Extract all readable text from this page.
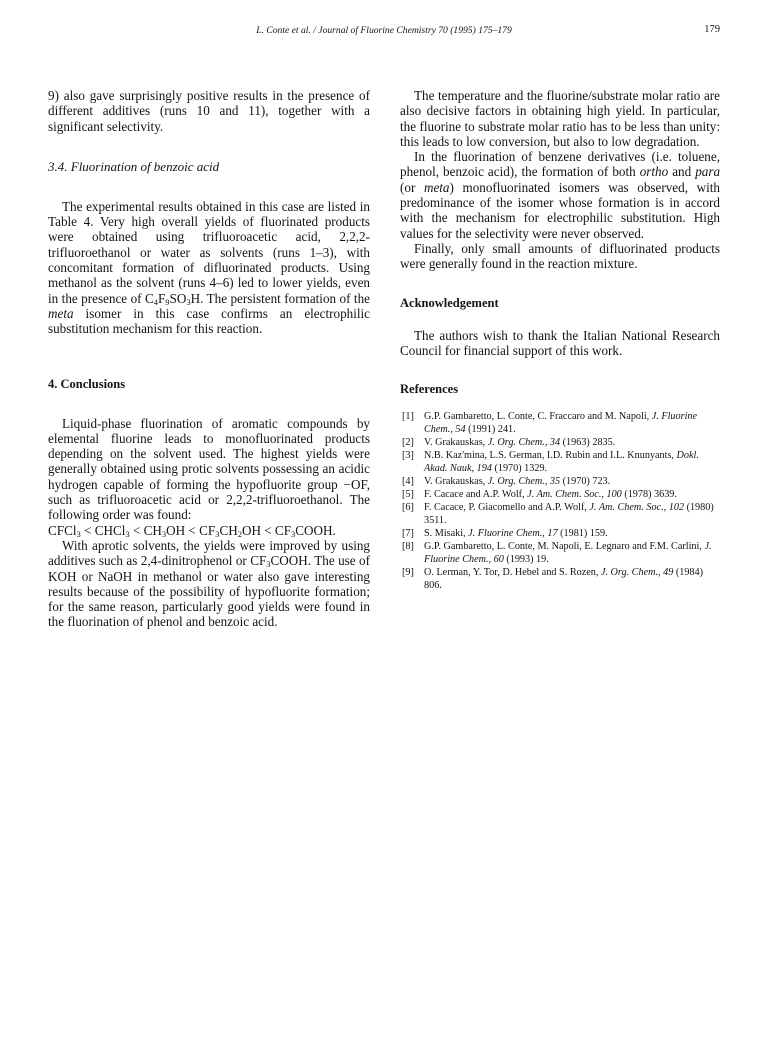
L. Conte et al. / Journal of Fluorine Chemistry 70 (1995) 175–179	179

9) also gave surprisingly positive results in the presence of different additives (runs 10 and 11), together with a significant selectivity.

3.4. Fluorination of benzoic acid

The experimental results obtained in this case are listed in Table 4. Very high overall yields of fluorinated products were obtained using trifluoroacetic acid, 2,2,2-trifluoroethanol or water as solvents (runs 1–3), with concomitant formation of difluorinated products. Using methanol as the solvent (runs 4–6) led to lower yields, even in the presence of $C_4F_9SO_3H$. The persistent formation of the meta isomer in this case confirms an electrophilic substitution mechanism for this reaction.

4. Conclusions

Liquid-phase fluorination of aromatic compounds by elemental fluorine leads to monofluorinated products depending on the solvent used. The highest yields were generally obtained using protic solvents possessing an acidic hydrogen capable of forming the hypofluorite group −OF, such as trifluoroacetic acid or 2,2,2-trifluoroethanol. The following order was found:
CFCl$_3$ < CHCl$_3$ < $CH_3OH < CF_3CH_2OH$ < $CF_3COOH$.

With aprotic solvents, the yields were improved by using additives such as 2,4-dinitrophenol or $CF_3COOH$. The use of KOH or NaOH in methanol or water also gave interesting results because of the possibility of hypofluorite formation; for the same reason, particularly good yields were found in the fluorination of phenol and benzoic acid.

The temperature and the fluorine/substrate molar ratio are also decisive factors in obtaining high yield. In particular, the fluorine to substrate molar ratio has to be less than unity: this leads to low conversion, but also to low degradation.

In the fluorination of benzene derivatives (i.e. toluene, phenol, benzoic acid), the formation of both ortho and para (or meta) monofluorinated isomers was observed, with predominance of the isomer whose formation is in accord with the mechanism for electrophilic substitution. High values for the selectivity were never observed.

Finally, only small amounts of difluorinated products were generally found in the reaction mixture.

Acknowledgement

The authors wish to thank the Italian National Research Council for financial support of this work.

References
[1] G.P. Gambaretto, L. Conte, C. Fraccaro and M. Napoli, J. Fluorine Chem., 54 (1991) 241.
[2] V. Grakauskas, J. Org. Chem., 34 (1963) 2835.
[3] N.B. Kaz'mina, L.S. German, I.D. Rubin and I.L. Knunyants, Dokl. Akad. Nauk, 194 (1970) 1329.
[4] V. Grakauskas, J. Org. Chem., 35 (1970) 723.
[5] F. Cacace and A.P. Wolf, J. Am. Chem. Soc., 100 (1978) 3639.
[6] F. Cacace, P. Giacomello and A.P. Wolf, J. Am. Chem. Soc., 102 (1980) 3511.
[7] S. Misaki, J. Fluorine Chem., 17 (1981) 159.
[8] G.P. Gambaretto, L. Conte, M. Napoli, E. Legnaro and F.M. Carlini, J. Fluorine Chem., 60 (1993) 19.
[9] O. Lerman, Y. Tor, D. Hebel and S. Rozen, J. Org. Chem., 49 (1984) 806.
